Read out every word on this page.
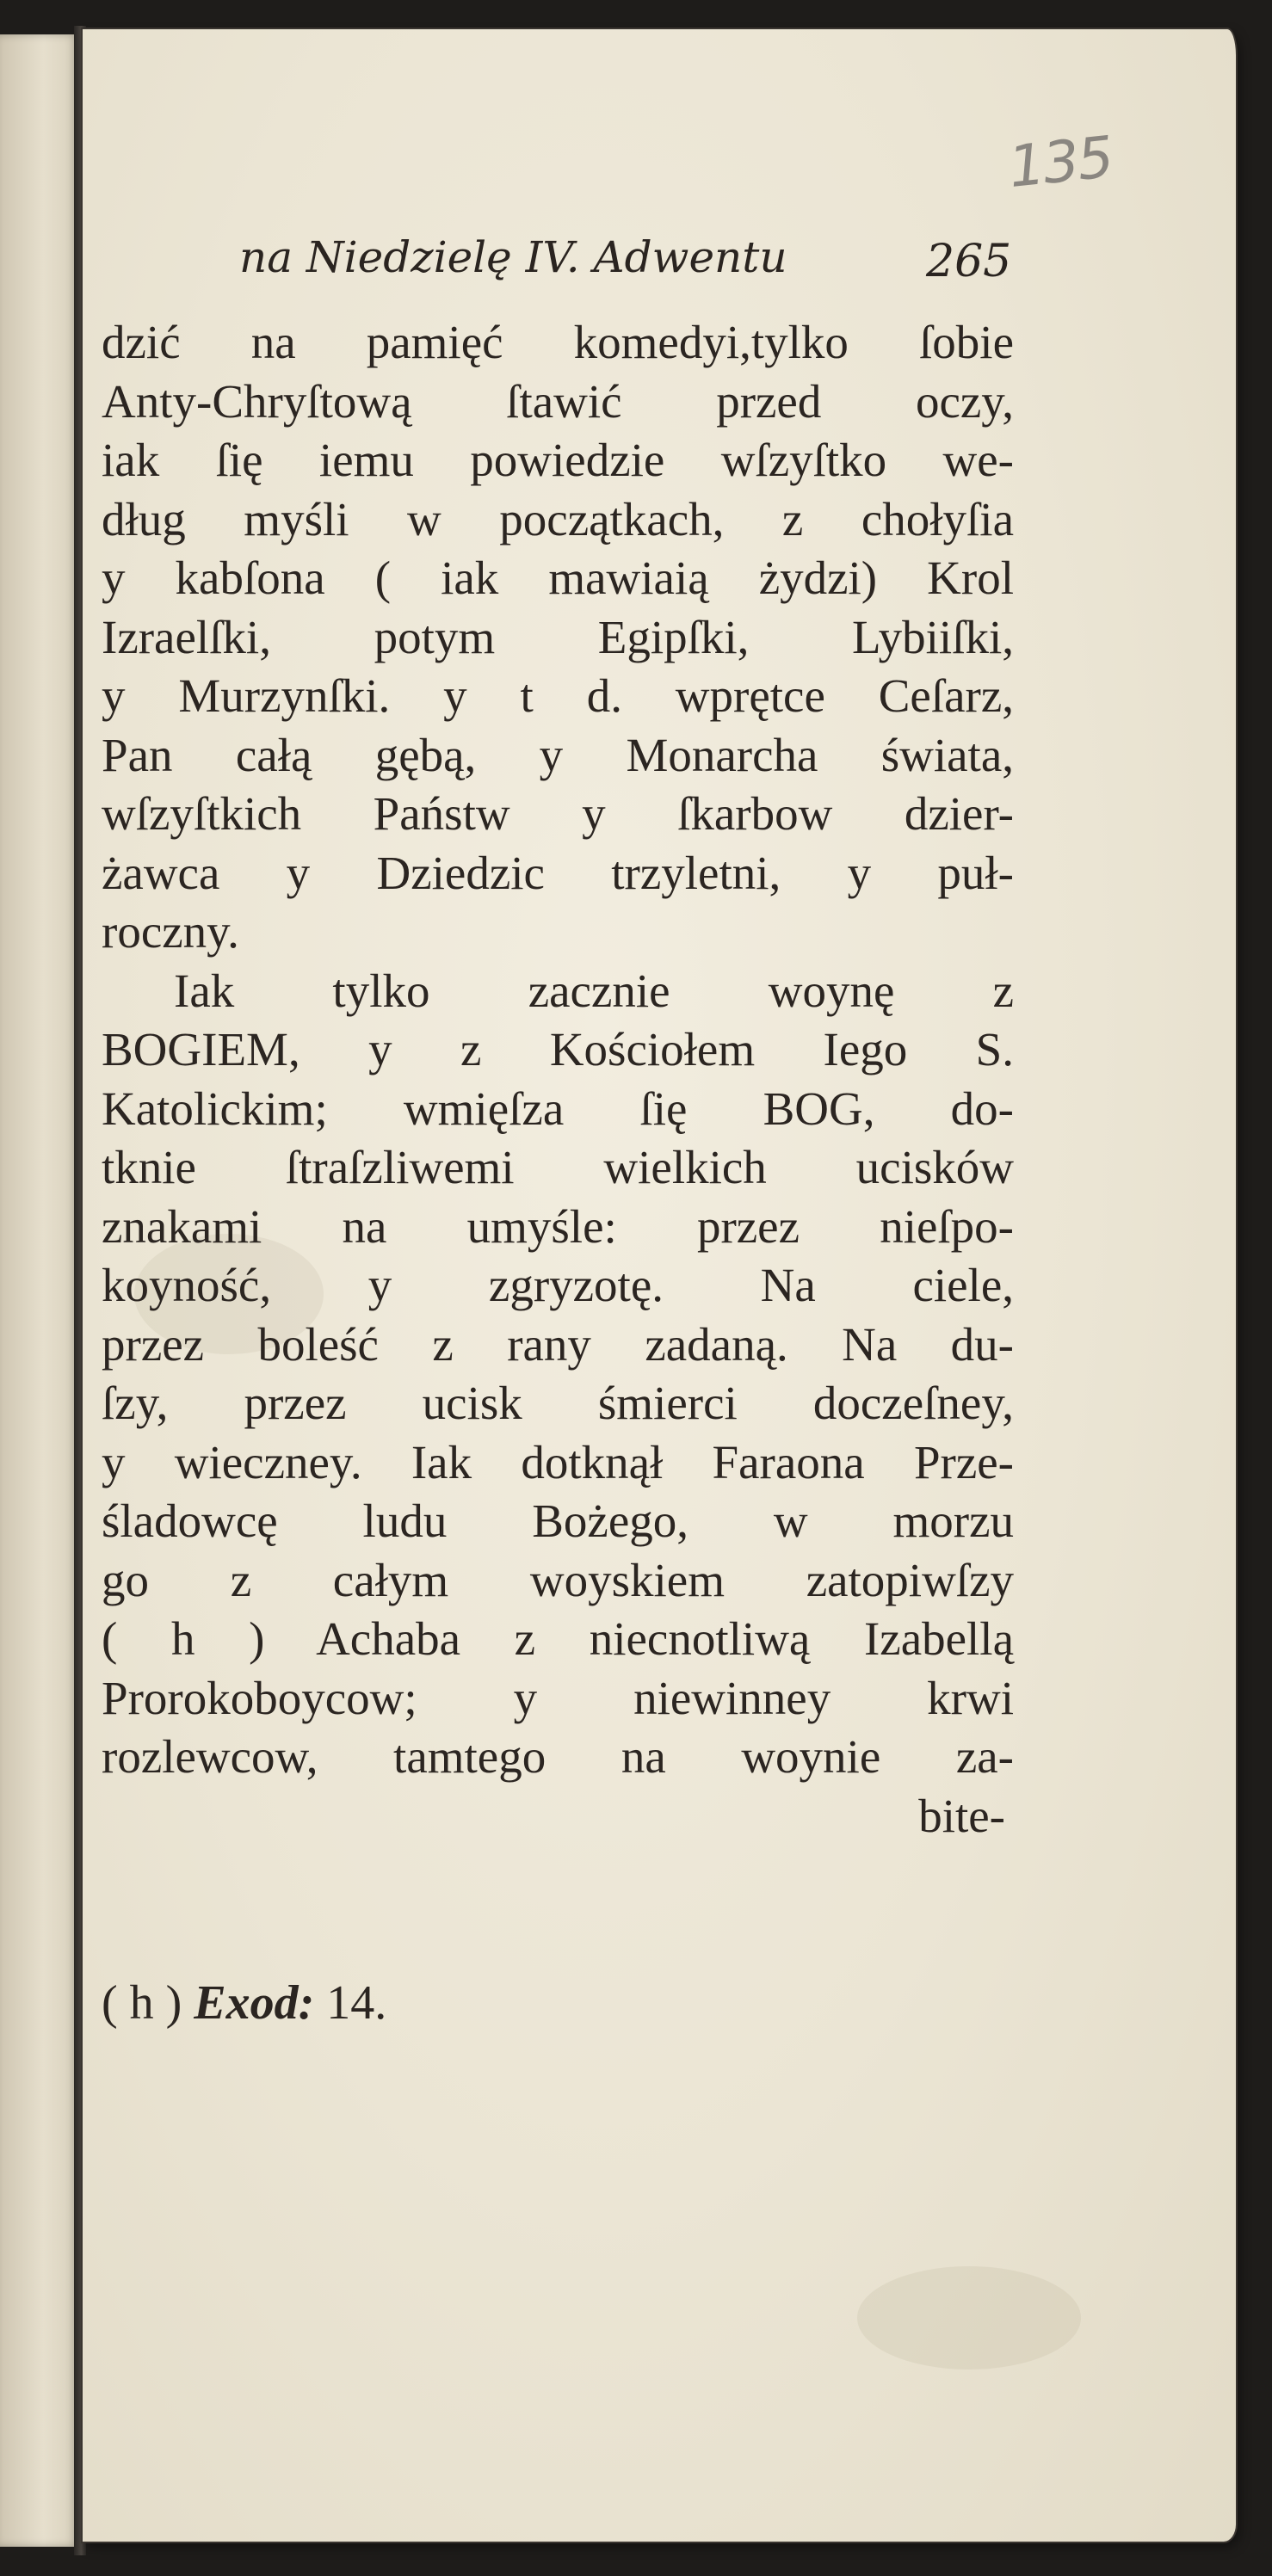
135
na Niedzielę IV. Adwentu	265
dzić na pamięć komedyi,tylko ſobie
Anty-Chryſtową ſtawić przed oczy,
iak ſię iemu powiedzie wſzyſtko we-
dług myśli w początkach, z chołyſia
y kabſona ( iak mawiaią żydzi) Krol
Izraelſki, potym Egipſki, Lybiiſki,
y Murzynſki. y t d. wprętce Ceſarz,
Pan całą gębą, y Monarcha świata,
wſzyſtkich Państw y ſkarbow dzier-
żawca y Dziedzic trzyletni, y puł-
roczny.
Iak tylko zacznie woynę z
BOGIEM, y z Kościołem Iego S.
Katolickim; wmięſza ſię BOG, do-
tknie ſtraſzliwemi wielkich ucisków
znakami na umyśle: przez nieſpo-
koyność, y zgryzotę. Na ciele,
przez boleść z rany zadaną. Na du-
ſzy, przez ucisk śmierci doczeſney,
y wieczney. Iak dotknął Faraona Prze-
śladowcę ludu Bożego, w morzu
go z całym woyskiem zatopiwſzy
( h ) Achaba z niecnotliwą Izabellą
Prorokoboycow; y niewinney krwi
rozlewcow, tamtego na woynie za-
bite-
( h ) Exod: 14.
